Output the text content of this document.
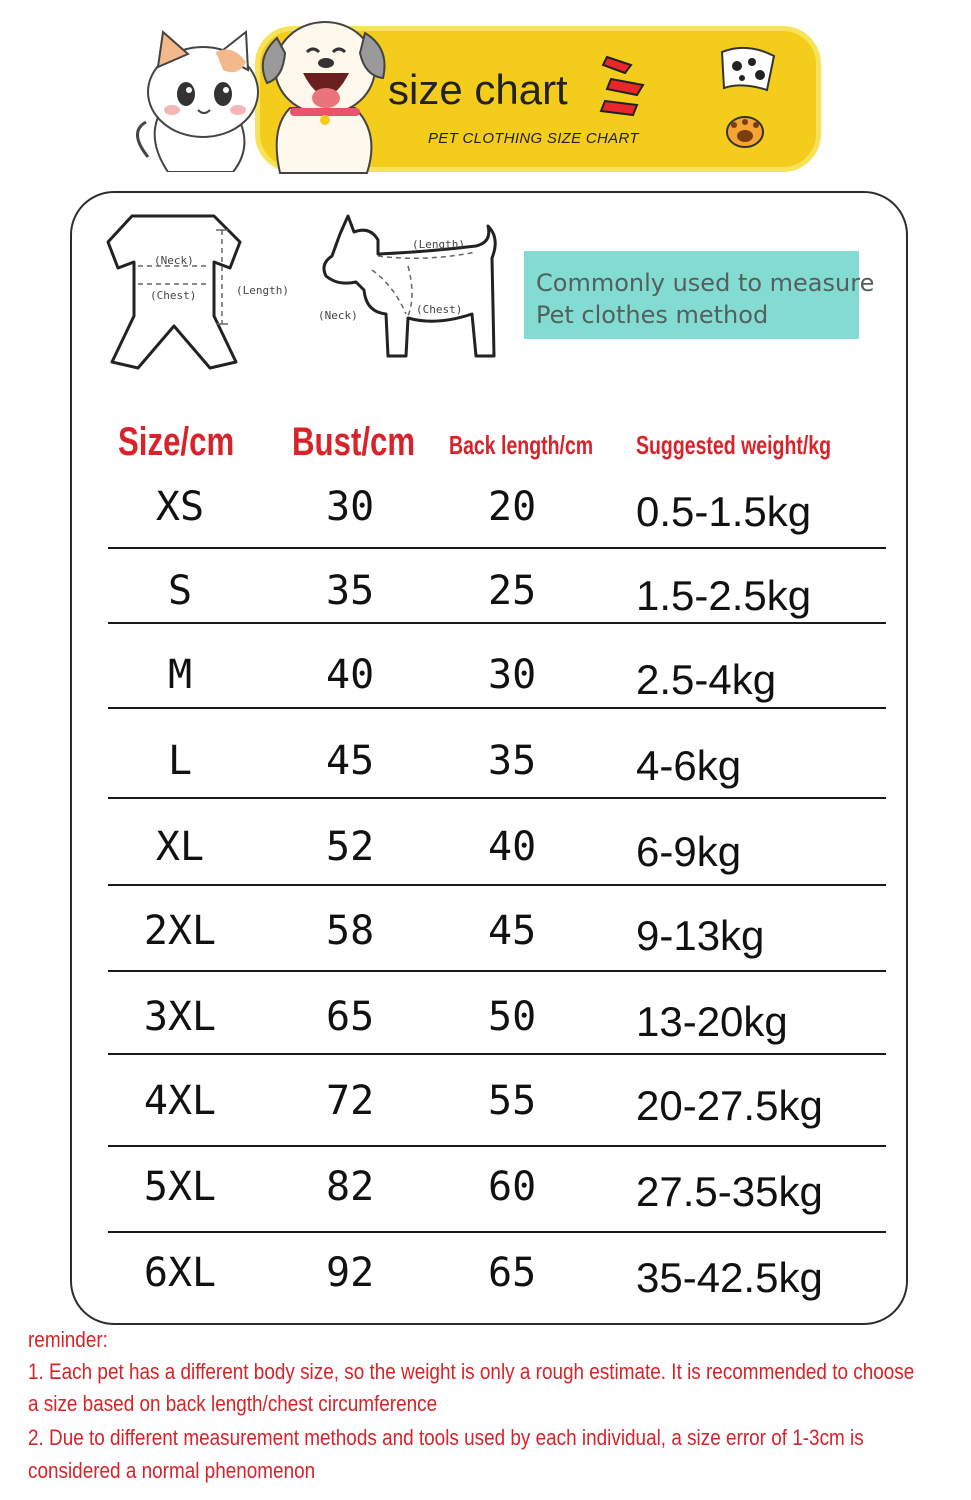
size chart
PET CLOTHING SIZE CHART
(Neck)
(Chest)	(Length)
(Length)
(Neck)	(Chest)
Commonly used to measure
Pet clothes method
Size/cm Bust/cm Back length/cm Suggested weight/kg
XS	30	20 0.5-1.5kg
S	35	25 1.5-2.5kg
M	40	30 2.5-4kg
L	45	35 4-6kg
XL	52	40 6-9kg
2XL	58	45 9-13kg
3XL	65	50 13-20kg
4XL	72	55 20-27.5kg
5XL	82	60 27.5-35kg
6XL	92	65 35-42.5kg
reminder:
1. Each pet has a different body size, so the weight is only a rough estimate. It is recommended to choose
a size based on back length/chest circumference
2. Due to different measurement methods and tools used by each individual, a size error of 1-3cm is
considered a normal phenomenon
